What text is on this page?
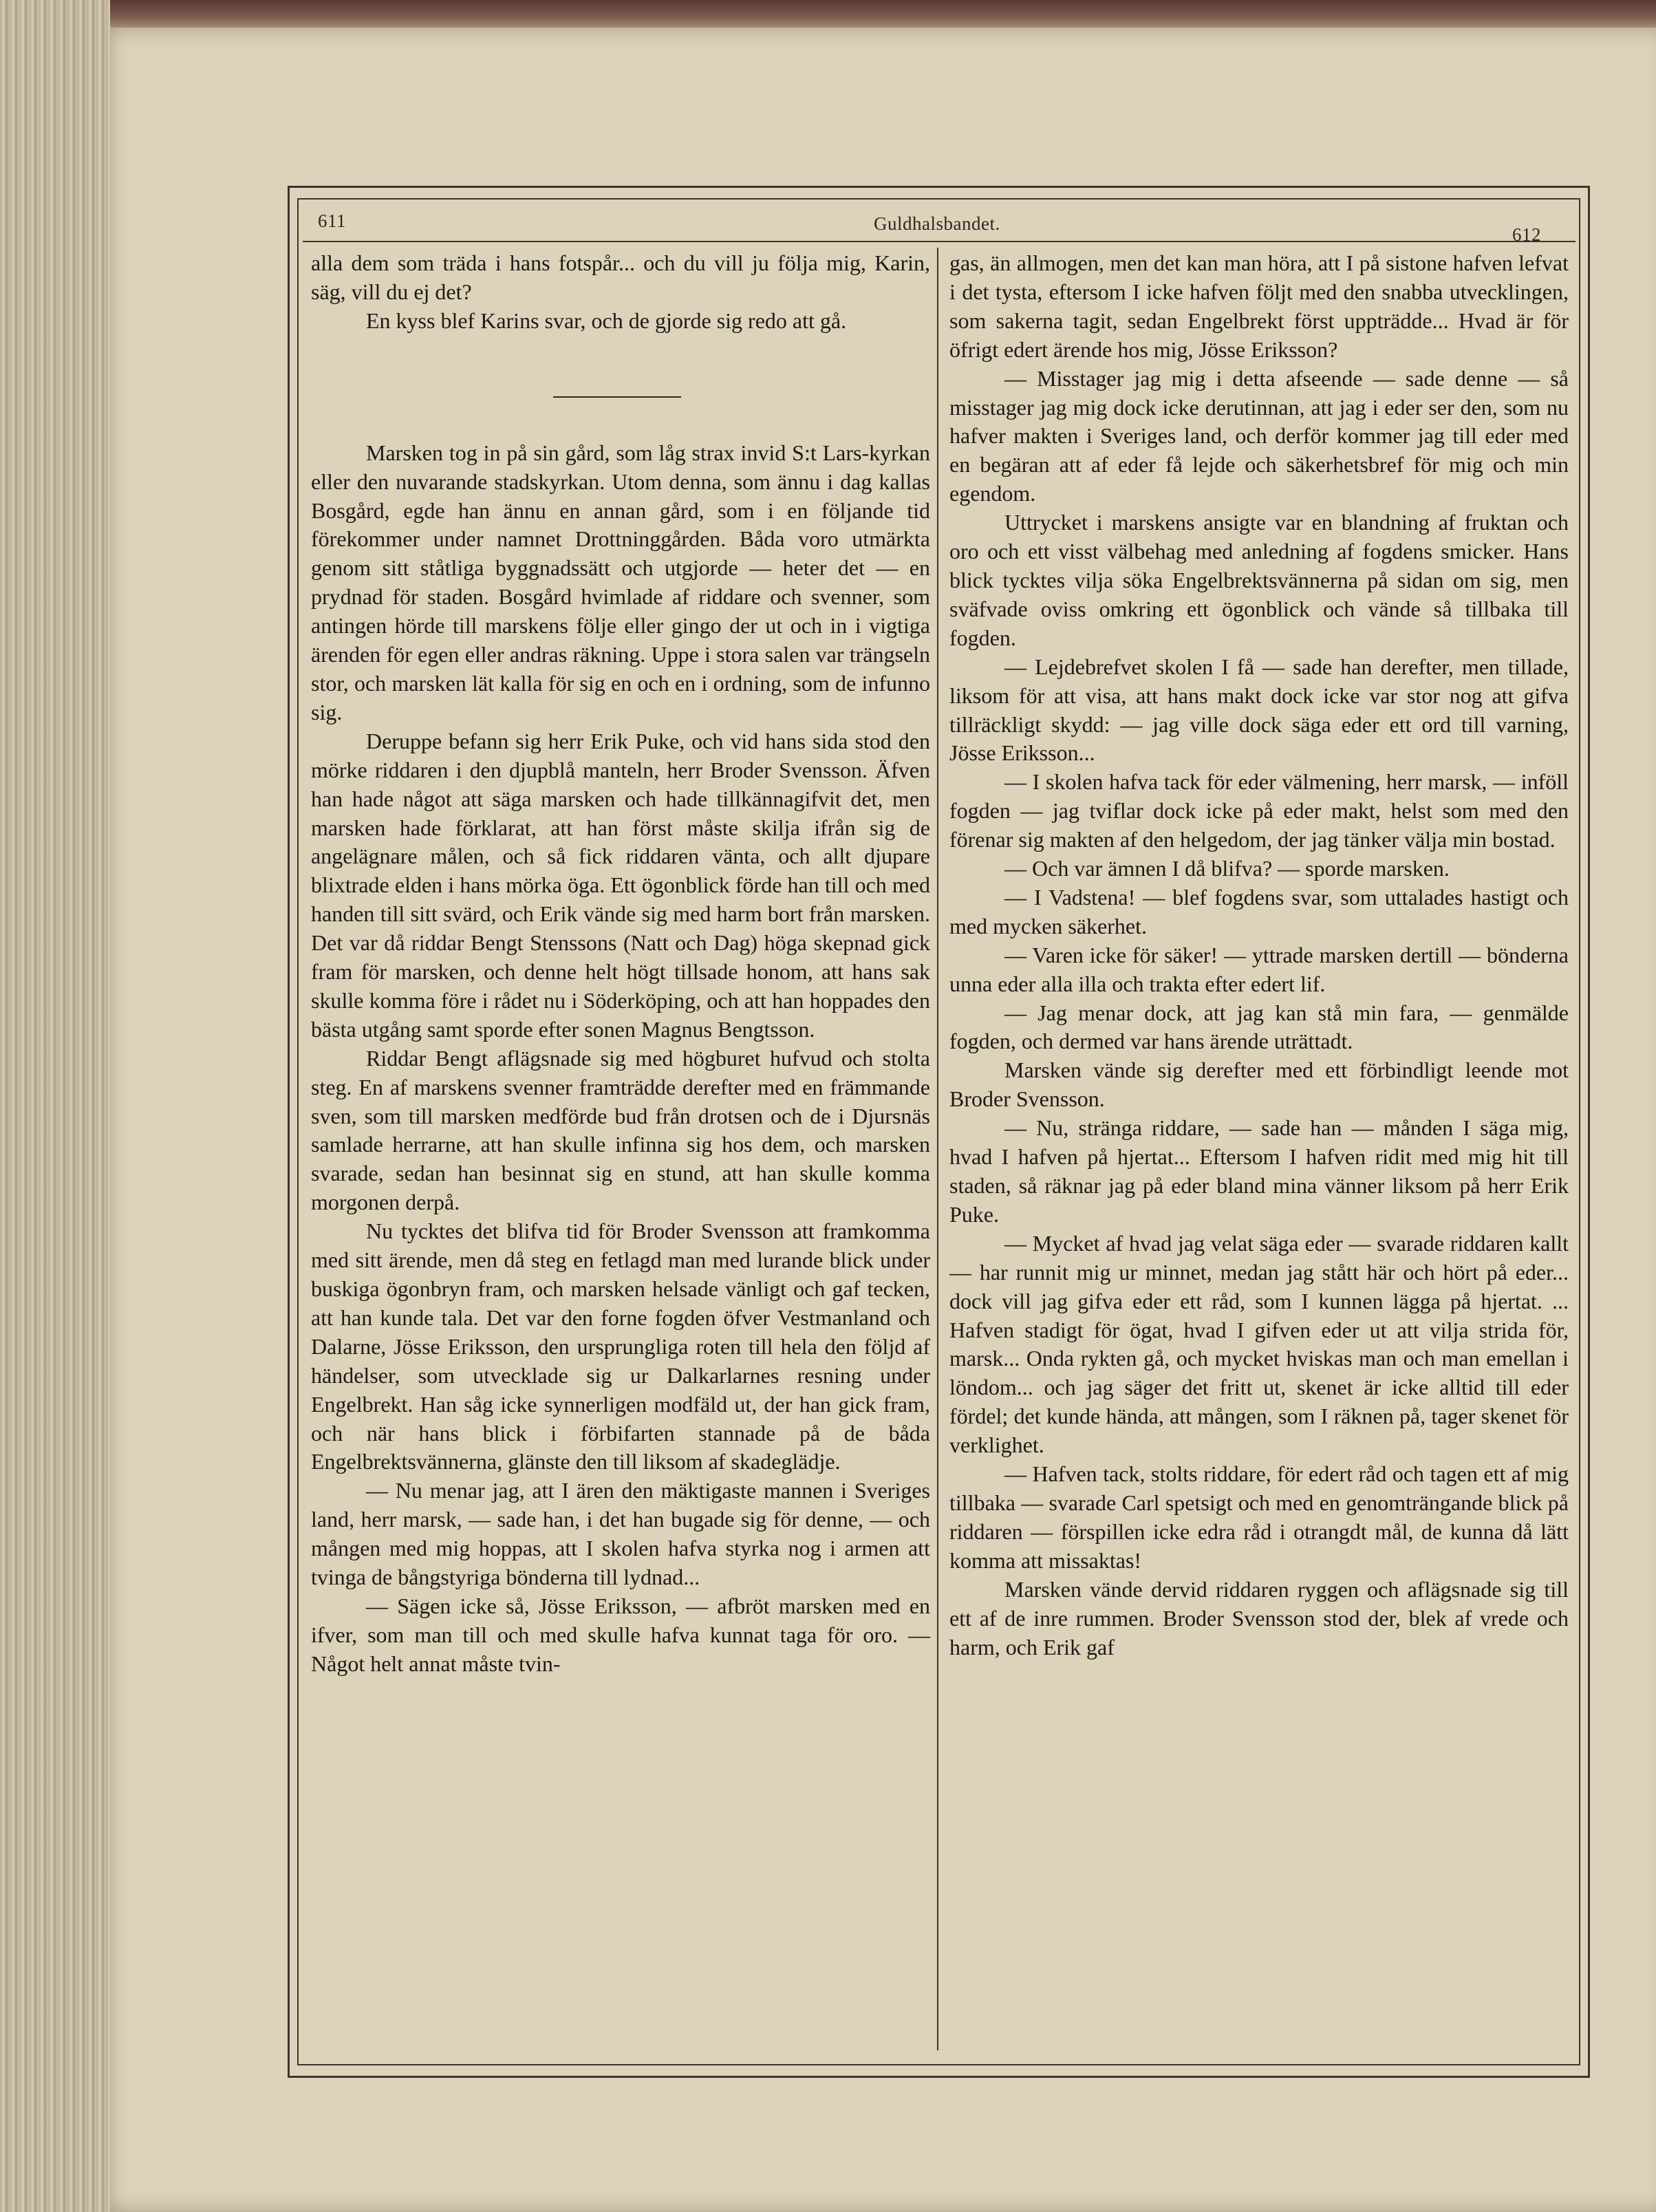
611	Guldhalsbandet.
612

alla dem som träda i hans fotspår... och du vill ju följa mig, Karin, säg, vill du ej det?

En kyss blef Karins svar, och de gjorde sig redo att gå.

Marsken tog in på sin gård, som låg strax invid S:t Lars-kyrkan eller den nuvarande stadskyrkan. Utom denna, som ännu i dag kallas Bosgård, egde han ännu en annan gård, som i en följande tid förekommer under namnet Drottninggården. Båda voro utmärkta genom sitt ståtliga byggnadssätt och utgjorde — heter det — en prydnad för staden. Bosgård hvimlade af riddare och svenner, som antingen hörde till marskens följe eller gingo der ut och in i vigtiga ärenden för egen eller andras räkning. Uppe i stora salen var trängseln stor, och marsken lät kalla för sig en och en i ordning, som de infunno sig.

Deruppe befann sig herr Erik Puke, och vid hans sida stod den mörke riddaren i den djupblå manteln, herr Broder Svensson. Äfven han hade något att säga marsken och hade tillkännagifvit det, men marsken hade förklarat, att han först måste skilja ifrån sig de angelägnare målen, och så fick riddaren vänta, och allt djupare blixtrade elden i hans mörka öga. Ett ögonblick förde han till och med handen till sitt svärd, och Erik vände sig med harm bort från marsken. Det var då riddar Bengt Stenssons (Natt och Dag) höga skepnad gick fram för marsken, och denne helt högt tillsade honom, att hans sak skulle komma före i rådet nu i Söderköping, och att han hoppades den bästa utgång samt sporde efter sonen Magnus Bengtsson.

Riddar Bengt aflägsnade sig med högburet hufvud och stolta steg. En af marskens svenner framträdde derefter med en främmande sven, som till marsken medförde bud från drotsen och de i Djursnäs samlade herrarne, att han skulle infinna sig hos dem, och marsken svarade, sedan han besinnat sig en stund, att han skulle komma morgonen derpå.

Nu tycktes det blifva tid för Broder Svensson att framkomma med sitt ärende, men då steg en fetlagd man med lurande blick under buskiga ögonbryn fram, och marsken helsade vänligt och gaf tecken, att han kunde tala. Det var den forne fogden öfver Vestmanland och Dalarne, Jösse Eriksson, den ursprungliga roten till hela den följd af händelser, som utvecklade sig ur Dalkarlarnes resning under Engelbrekt. Han såg icke synnerligen modfäld ut, der han gick fram, och när hans blick i förbifarten stannade på de båda Engelbrektsvännerna, glänste den till liksom af skadeglädje.

— Nu menar jag, att I ären den mäktigaste mannen i Sveriges land, herr marsk, — sade han, i det han bugade sig för denne, — och mången med mig hoppas, att I skolen hafva styrka nog i armen att tvinga de bångstyriga bönderna till lydnad...

— Sägen icke så, Jösse Eriksson, — afbröt marsken med en ifver, som man till och med skulle hafva kunnat taga för oro. — Något helt annat måste tvin-

gas, än allmogen, men det kan man höra, att I på sistone hafven lefvat i det tysta, eftersom I icke hafven följt med den snabba utvecklingen, som sakerna tagit, sedan Engelbrekt först uppträdde... Hvad är för öfrigt edert ärende hos mig, Jösse Eriksson?

— Misstager jag mig i detta afseende — sade denne — så misstager jag mig dock icke derutinnan, att jag i eder ser den, som nu hafver makten i Sveriges land, och derför kommer jag till eder med en begäran att af eder få lejde och säkerhetsbref för mig och min egendom.

Uttrycket i marskens ansigte var en blandning af fruktan och oro och ett visst välbehag med anledning af fogdens smicker. Hans blick tycktes vilja söka Engelbrektsvännerna på sidan om sig, men sväfvade oviss omkring ett ögonblick och vände så tillbaka till fogden.

— Lejdebrefvet skolen I få — sade han derefter, men tillade, liksom för att visa, att hans makt dock icke var stor nog att gifva tillräckligt skydd: — jag ville dock säga eder ett ord till varning, Jösse Eriksson...

— I skolen hafva tack för eder välmening, herr marsk, — inföll fogden — jag tviflar dock icke på eder makt, helst som med den förenar sig makten af den helgedom, der jag tänker välja min bostad.

— Och var ämnen I då blifva? — sporde marsken.

— I Vadstena! — blef fogdens svar, som uttalades hastigt och med mycken säkerhet.

— Varen icke för säker! — yttrade marsken dertill — bönderna unna eder alla illa och trakta efter edert lif.

— Jag menar dock, att jag kan stå min fara, — genmälde fogden, och dermed var hans ärende uträttadt.

Marsken vände sig derefter med ett förbindligt leende mot Broder Svensson.

— Nu, stränga riddare, — sade han — månden I säga mig, hvad I hafven på hjertat... Eftersom I hafven ridit med mig hit till staden, så räknar jag på eder bland mina vänner liksom på herr Erik Puke.

— Mycket af hvad jag velat säga eder — svarade riddaren kallt — har runnit mig ur minnet, medan jag stått här och hört på eder... dock vill jag gifva eder ett råd, som I kunnen lägga på hjertat. ... Hafven stadigt för ögat, hvad I gifven eder ut att vilja strida för, marsk... Onda rykten gå, och mycket hviskas man och man emellan i löndom... och jag säger det fritt ut, skenet är icke alltid till eder fördel; det kunde hända, att mången, som I räknen på, tager skenet för verklighet.

— Hafven tack, stolts riddare, för edert råd och tagen ett af mig tillbaka — svarade Carl spetsigt och med en genomträngande blick på riddaren — förspillen icke edra råd i otrangdt mål, de kunna då lätt komma att missaktas!

Marsken vände dervid riddaren ryggen och aflägsnade sig till ett af de inre rummen. Broder Svensson stod der, blek af vrede och harm, och Erik gaf
